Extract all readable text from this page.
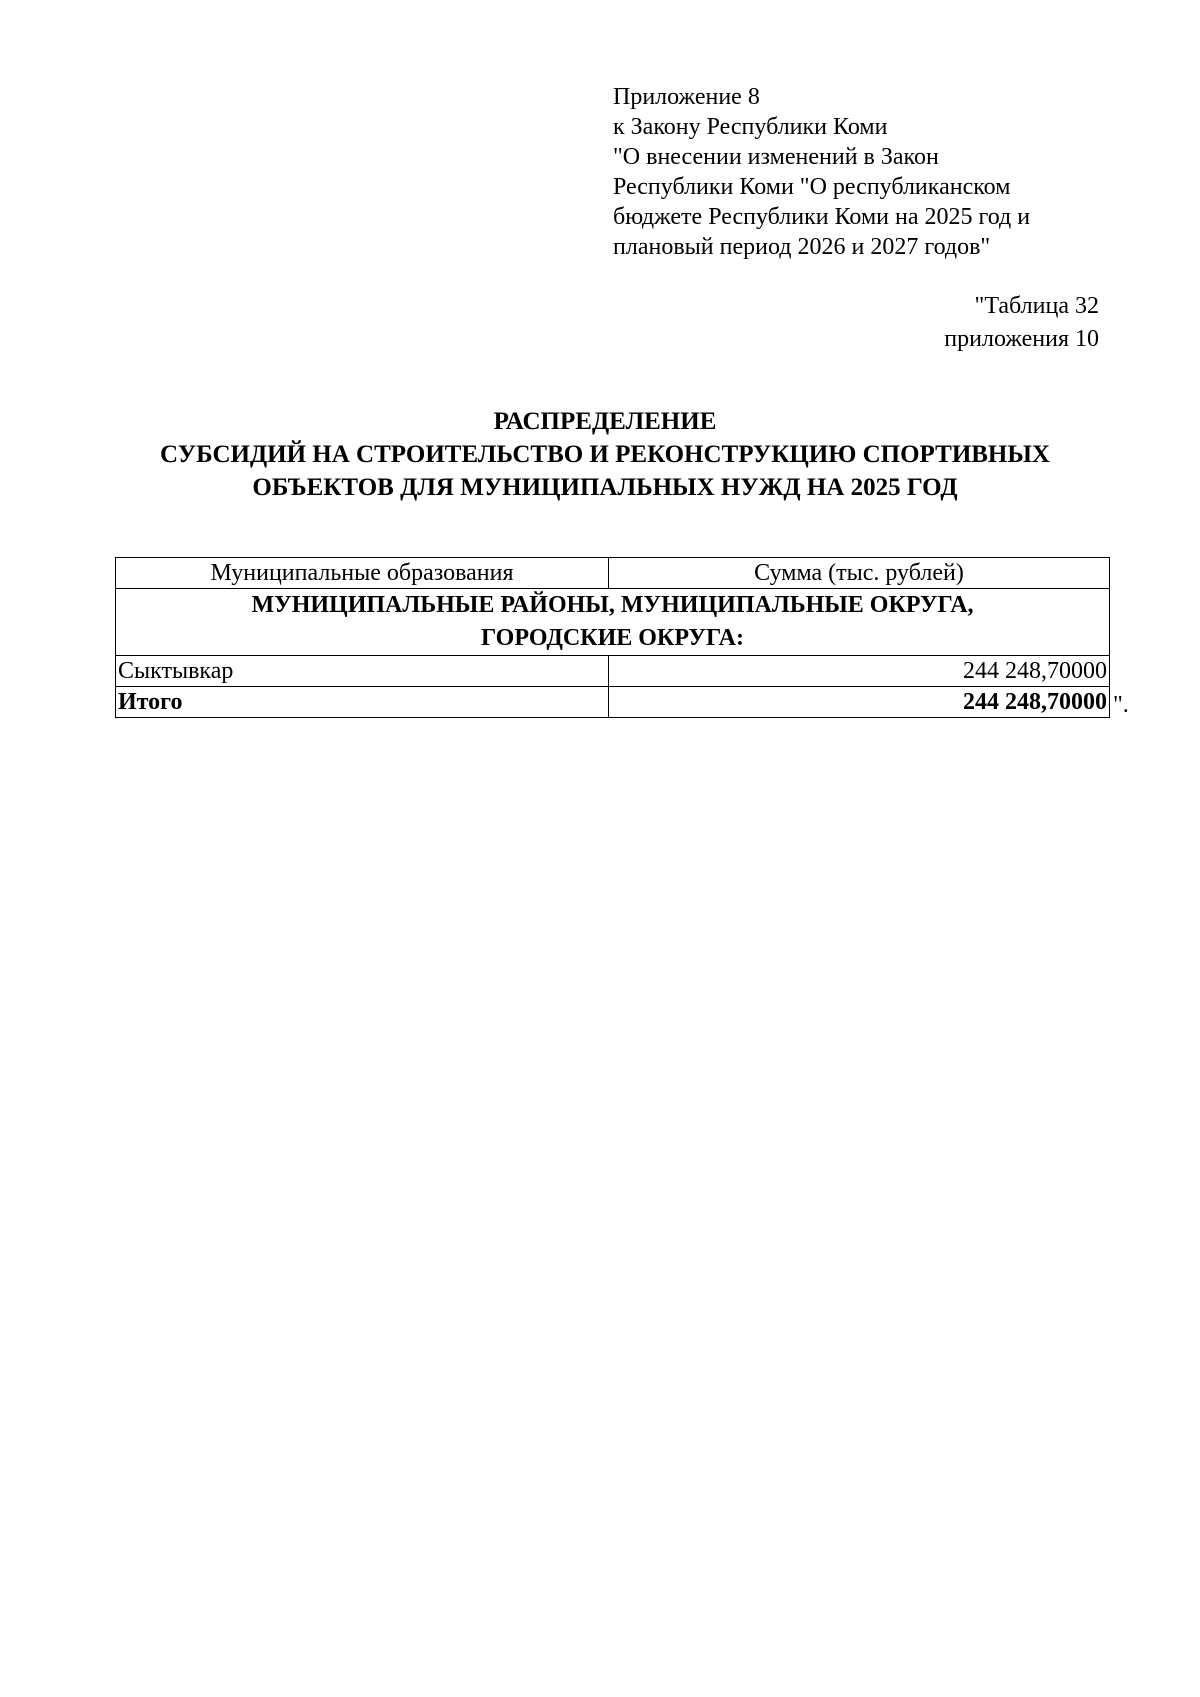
Приложение 8
к Закону Республики Коми
"О внесении изменений в Закон
Республики Коми "О республиканском
бюджете Республики Коми на 2025 год и
плановый период 2026 и 2027 годов"
"Таблица 32
приложения 10
РАСПРЕДЕЛЕНИЕ
СУБСИДИЙ НА СТРОИТЕЛЬСТВО И РЕКОНСТРУКЦИЮ СПОРТИВНЫХ
ОБЪЕКТОВ ДЛЯ МУНИЦИПАЛЬНЫХ НУЖД НА 2025 ГОД
Муниципальные образования	Сумма (тыс. рублей)

МУНИЦИПАЛЬНЫЕ РАЙОНЫ, МУНИЦИПАЛЬНЫЕ ОКРУГА,
ГОРОДСКИЕ ОКРУГА:	

Сыктывкар	244 248,70000
Итого	244 248,70000 ".
